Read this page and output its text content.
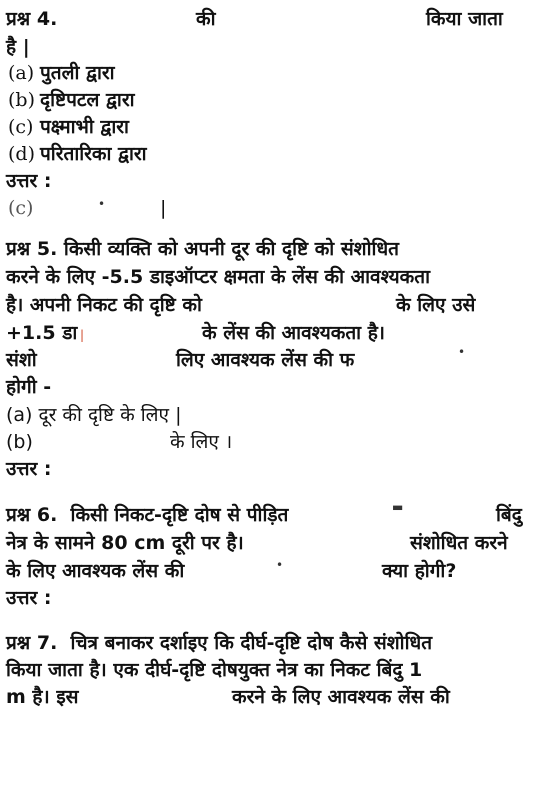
प्रश्न 4.

	की

	किया जाता

है |

(a)

पुतली द्वारा

(b)

दृष्टिपटल द्वारा

(c)

पक्ष्माभी द्वारा

(d)

परितारिका द्वारा

उत्तर :

(c)

	•

	|

प्रश्न 5. किसी व्यक्ति को अपनी दूर की दृष्टि को संशोधित
करने के लिए -5.5 डाइऑप्टर क्षमता के लेंस की आवश्यकता

है। अपनी निकट की दृष्टि को

	के लिए उसे

+1.5 डा

|

	के लेंस की आवश्यकता है।

संशो

	लिए आवश्यक लेंस की फ

	•

होगी -
(a) दूर की दृष्टि के लिए |

(b)

	के लिए ।

उत्तर :

प्रश्न 6.  किसी निकट-दृष्टि दोष से पीड़ित

	▬

	बिंदु

नेत्र के सामने 80 cm दूरी पर है।

	संशोधित करने

के लिए आवश्यक लेंस की

	•

	क्या होगी?

उत्तर :
प्रश्न 7.  चित्र बनाकर दर्शाइए कि दीर्घ-दृष्टि दोष कैसे संशोधित
किया जाता है। एक दीर्घ-दृष्टि दोषयुक्त नेत्र का निकट बिंदु 1

m है। इस

	करने के लिए आवश्यक लेंस की
